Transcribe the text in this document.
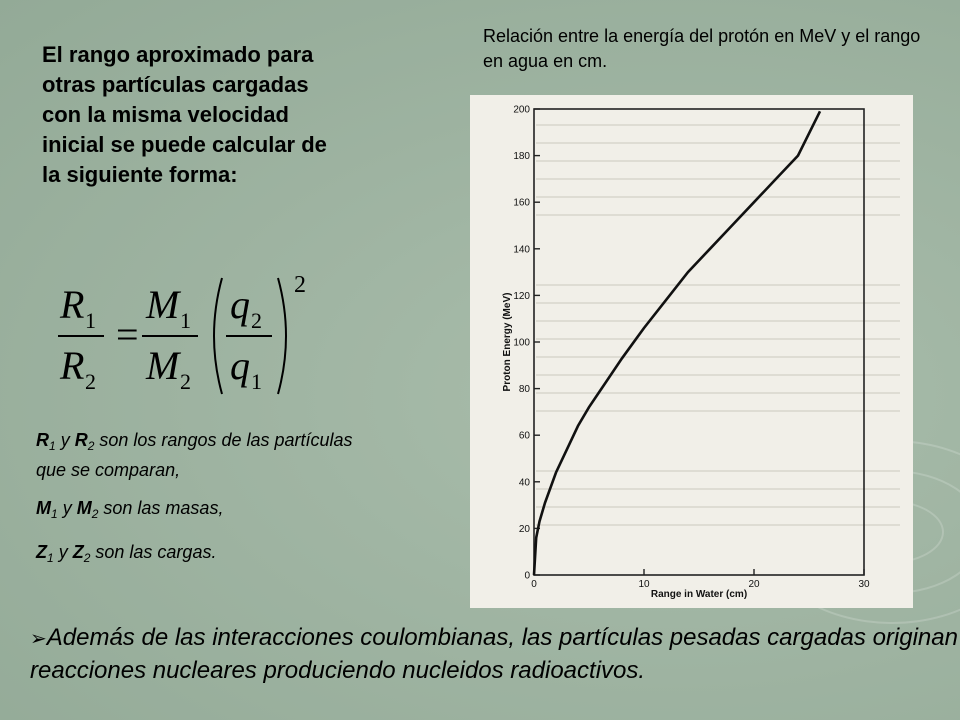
El rango aproximado para otras partículas cargadas con la misma velocidad inicial se puede calcular de la siguiente forma:

Relación entre la energía del protón en MeV y el rango en agua en cm.
R 1
R 2
=
M 1
M 2
q 2
q 1
2

$R_1$ y $R_2$ son los rangos de las partículas que se comparan,

$M_1$ y $M_2$ son las masas,

$Z_1$ y $Z_2$ son las cargas.

0
20
40
60
80
100
120
140
160
180
200
0	10	20	30
Proton Energy (MeV)
Range in Water (cm)
➢Además de las interacciones coulombianas, las partículas pesadas cargadas originan reacciones nucleares produciendo nucleidos radioactivos.
